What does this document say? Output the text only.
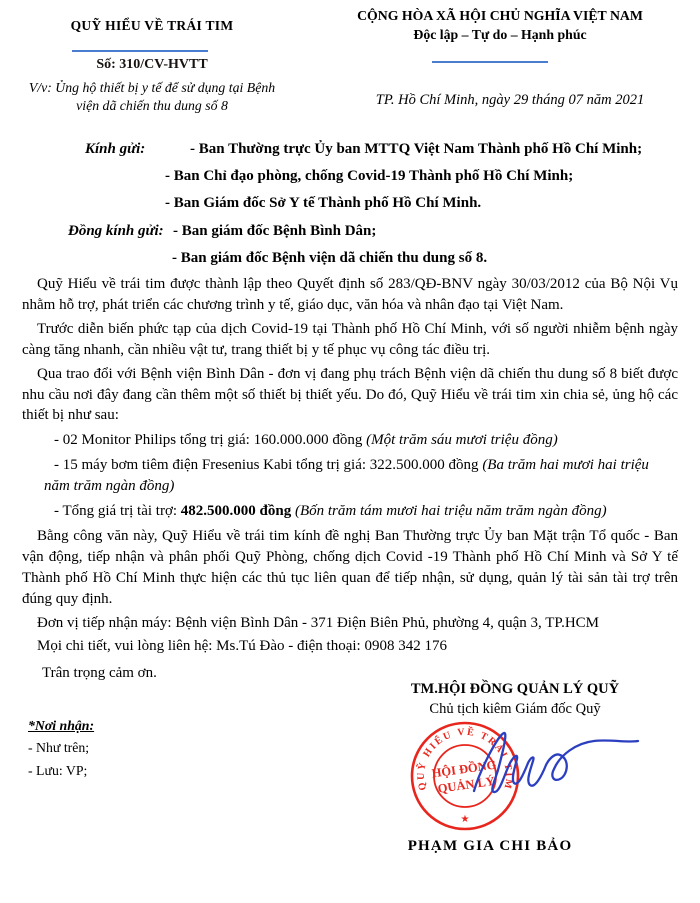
QUỸ HIỂU VỀ TRÁI TIM
Số: 310/CV-HVTT
V/v: Ủng hộ thiết bị y tế để sử dụng tại Bệnh
viện dã chiến thu dung số 8
CỘNG HÒA XÃ HỘI CHỦ NGHĨA VIỆT NAM
Độc lập – Tự do – Hạnh phúc
TP. Hồ Chí Minh, ngày 29 tháng 07 năm 2021
Kính gửi:	- Ban Thường trực Ủy ban MTTQ Việt Nam Thành phố Hồ Chí Minh;
- Ban Chỉ đạo phòng, chống Covid-19 Thành phố Hồ Chí Minh;
- Ban Giám đốc Sở Y tế Thành phố Hồ Chí Minh.
Đồng kính gửi: - Ban giám đốc Bệnh Bình Dân;
- Ban giám đốc Bệnh viện dã chiến thu dung số 8.

Quỹ Hiểu về trái tim được thành lập theo Quyết định số 283/QĐ-BNV ngày 30/03/2012 của Bộ Nội Vụ nhằm hỗ trợ, phát triển các chương trình y tế, giáo dục, văn hóa và nhân đạo tại Việt Nam.

Trước diễn biến phức tạp của dịch Covid-19 tại Thành phố Hồ Chí Minh, với số người nhiễm bệnh ngày càng tăng nhanh, cần nhiều vật tư, trang thiết bị y tế phục vụ công tác điều trị.

Qua trao đổi với Bệnh viện Bình Dân - đơn vị đang phụ trách Bệnh viện dã chiến thu dung số 8 biết được nhu cầu nơi đây đang cần thêm một số thiết bị thiết yếu. Do đó, Quỹ Hiểu về trái tim xin chia sẻ, ủng hộ các thiết bị như sau:

- 02 Monitor Philips tổng trị giá: 160.000.000 đồng (Một trăm sáu mươi triệu đồng)
- 15 máy bơm tiêm điện Fresenius Kabi tổng trị giá: 322.500.000 đồng (Ba trăm hai mươi hai triệu năm trăm ngàn đồng)
- Tổng giá trị tài trợ: 482.500.000 đồng (Bốn trăm tám mươi hai triệu năm trăm ngàn đồng)

Bằng công văn này, Quỹ Hiểu về trái tim kính đề nghị Ban Thường trực Ủy ban Mặt trận Tổ quốc - Ban vận động, tiếp nhận và phân phối Quỹ Phòng, chống dịch Covid -19 Thành phố Hồ Chí Minh và Sở Y tế Thành phố Hồ Chí Minh thực hiện các thủ tục liên quan để tiếp nhận, sử dụng, quản lý tài sản tài trợ trên đúng quy định.

Đơn vị tiếp nhận máy: Bệnh viện Bình Dân - 371 Điện Biên Phủ, phường 4, quận 3, TP.HCM
Mọi chi tiết, vui lòng liên hệ: Ms.Tú Đào - điện thoại: 0908 342 176
Trân trọng cảm ơn.
TM.HỘI ĐỒNG QUẢN LÝ QUỸ
Chủ tịch kiêm Giám đốc Quỹ
QUỸ HIỂU VỀ TRÁI TIM
★
HỘI ĐỒNG
QUẢN LÝ
PHẠM GIA CHI BẢO
*Nơi nhận:
- Như trên;
- Lưu: VP;
